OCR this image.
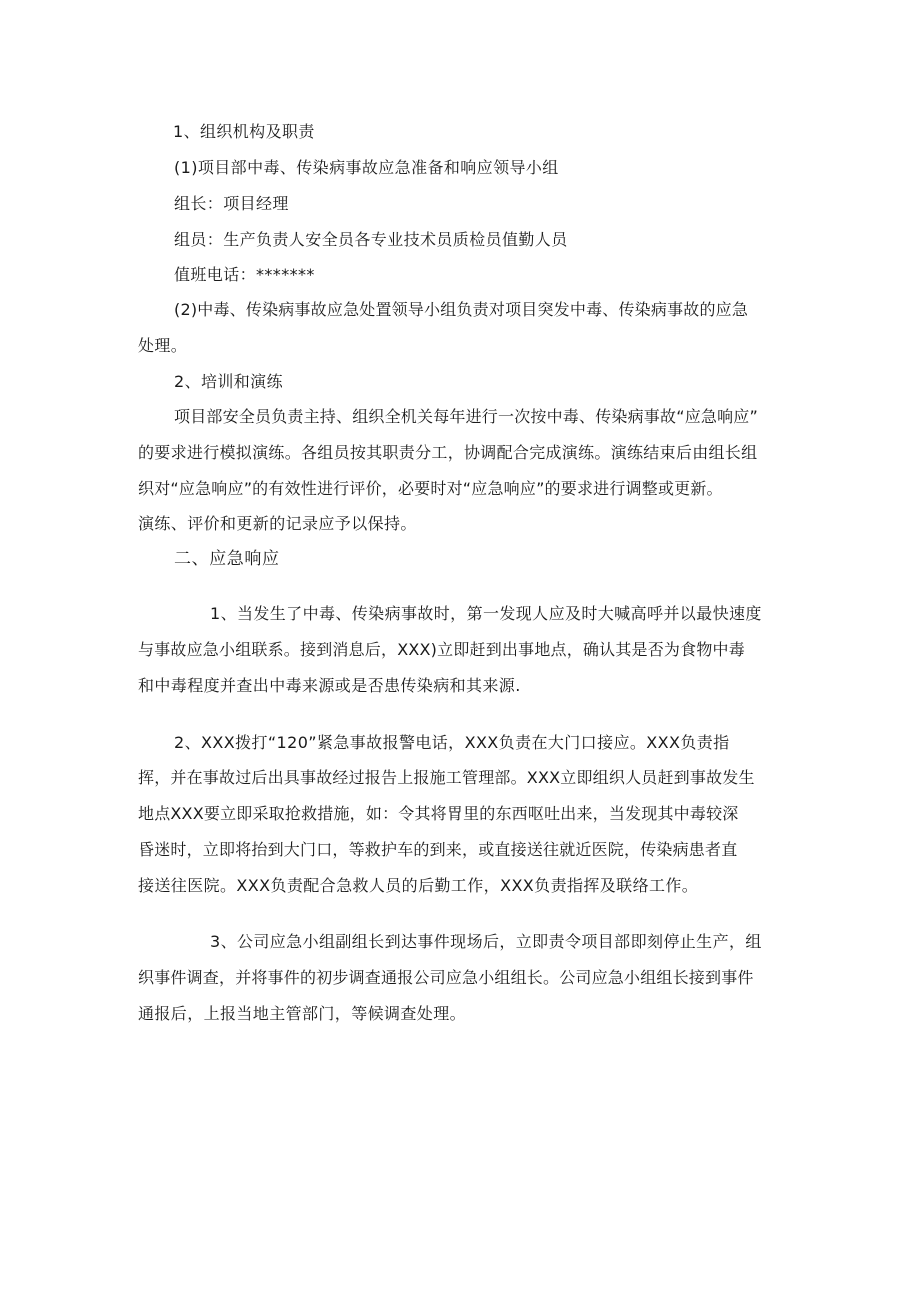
1、组织机构及职责
(1)项目部中毒、传染病事故应急准备和响应领导小组
组长：项目经理
组员：生产负责人安全员各专业技术员质检员值勤人员
值班电话：*******
(2)中毒、传染病事故应急处置领导小组负责对项目突发中毒、传染病事故的应急
处理。
2、培训和演练
项目部安全员负责主持、组织全机关每年进行一次按中毒、传染病事故“应急响应”
的要求进行模拟演练。各组员按其职责分工，协调配合完成演练。演练结束后由组长组
织对“应急响应”的有效性进行评价，必要时对“应急响应”的要求进行调整或更新。
演练、评价和更新的记录应予以保持。
二、应急响应
1、当发生了中毒、传染病事故时，第一发现人应及时大喊高呼并以最快速度
与事故应急小组联系。接到消息后，XXX)立即赶到出事地点，确认其是否为食物中毒
和中毒程度并查出中毒来源或是否患传染病和其来源.
2、XXX拨打“120”紧急事故报警电话，XXX负责在大门口接应。XXX负责指
挥，并在事故过后出具事故经过报告上报施工管理部。XXX立即组织人员赶到事故发生
地点XXX要立即采取抢救措施，如：令其将胃里的东西呕吐出来，当发现其中毒较深
昏迷时，立即将抬到大门口，等救护车的到来，或直接送往就近医院，传染病患者直
接送往医院。XXX负责配合急救人员的后勤工作，XXX负责指挥及联络工作。
3、公司应急小组副组长到达事件现场后，立即责令项目部即刻停止生产，组
织事件调查，并将事件的初步调查通报公司应急小组组长。公司应急小组组长接到事件
通报后，上报当地主管部门，等候调查处理。
